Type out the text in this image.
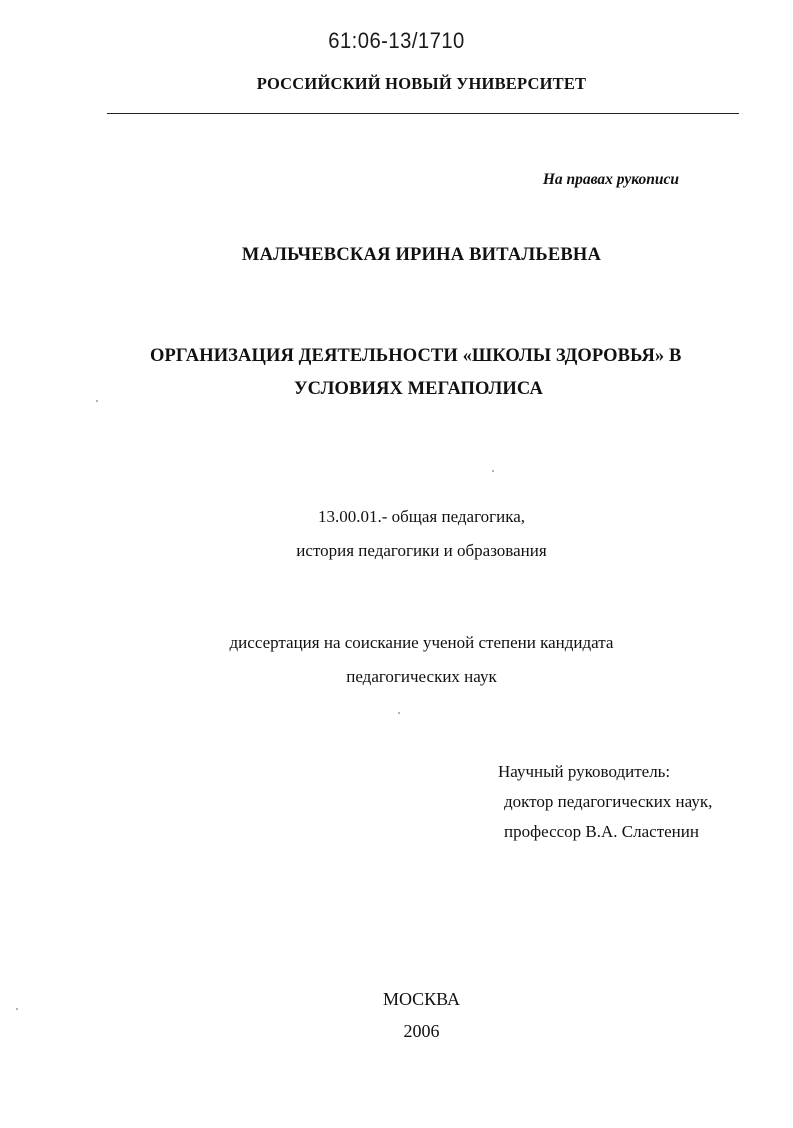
61:06-13/1710
РОССИЙСКИЙ НОВЫЙ УНИВЕРСИТЕТ
На правах рукописи
МАЛЬЧЕВСКАЯ ИРИНА ВИТАЛЬЕВНА
ОРГАНИЗАЦИЯ ДЕЯТЕЛЬНОСТИ «ШКОЛЫ ЗДОРОВЬЯ» В
УСЛОВИЯХ МЕГАПОЛИСА
13.00.01.- общая педагогика,
история педагогики и образования
диссертация на соискание ученой степени кандидата
педагогических наук
Научный руководитель:
доктор педагогических наук,
профессор В.А. Сластенин
МОСКВА
2006
